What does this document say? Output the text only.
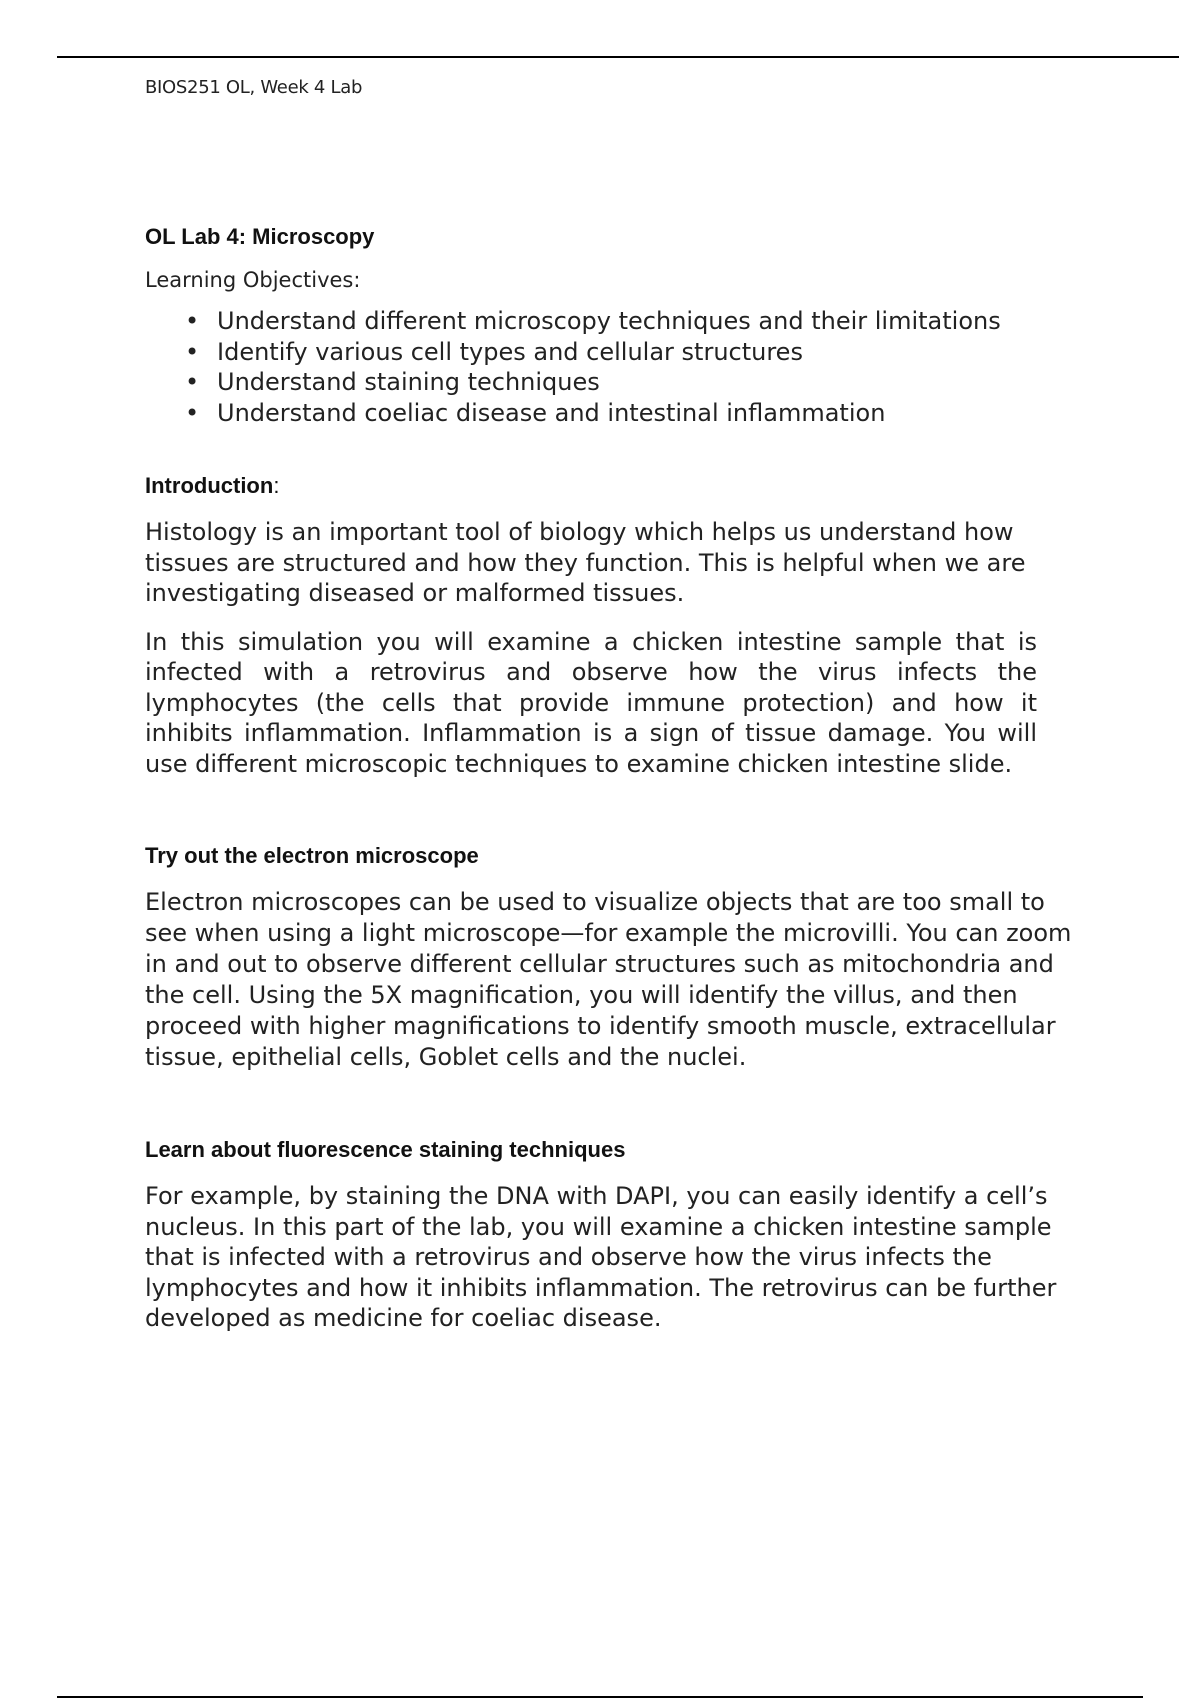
BIOS251 OL, Week 4 Lab
OL Lab 4: Microscopy

Learning Objectives:

• Understand different microscopy techniques and their limitations
• Identify various cell types and cellular structures
• Understand staining techniques
• Understand coeliac disease and intestinal inflammation
Introduction:

Histology is an important tool of biology which helps us understand how tissues are structured and how they function. This is helpful when we are investigating diseased or malformed tissues.

In this simulation you will examine a chicken intestine sample that is infected with a retrovirus and observe how the virus infects the lymphocytes (the cells that provide immune protection) and how it inhibits inflammation. Inflammation is a sign of tissue damage. You will use different microscopic techniques to examine chicken intestine slide.

Try out the electron microscope

Electron microscopes can be used to visualize objects that are too small to see when using a light microscope—for example the microvilli. You can zoom in and out to observe different cellular structures such as mitochondria and the cell. Using the 5X magnification, you will identify the villus, and then proceed with higher magnifications to identify smooth muscle, extracellular tissue, epithelial cells, Goblet cells and the nuclei.

Learn about fluorescence staining techniques

For example, by staining the DNA with DAPI, you can easily identify a cell’s nucleus. In this part of the lab, you will examine a chicken intestine sample that is infected with a retrovirus and observe how the virus infects the lymphocytes and how it inhibits inflammation. The retrovirus can be further developed as medicine for coeliac disease.
